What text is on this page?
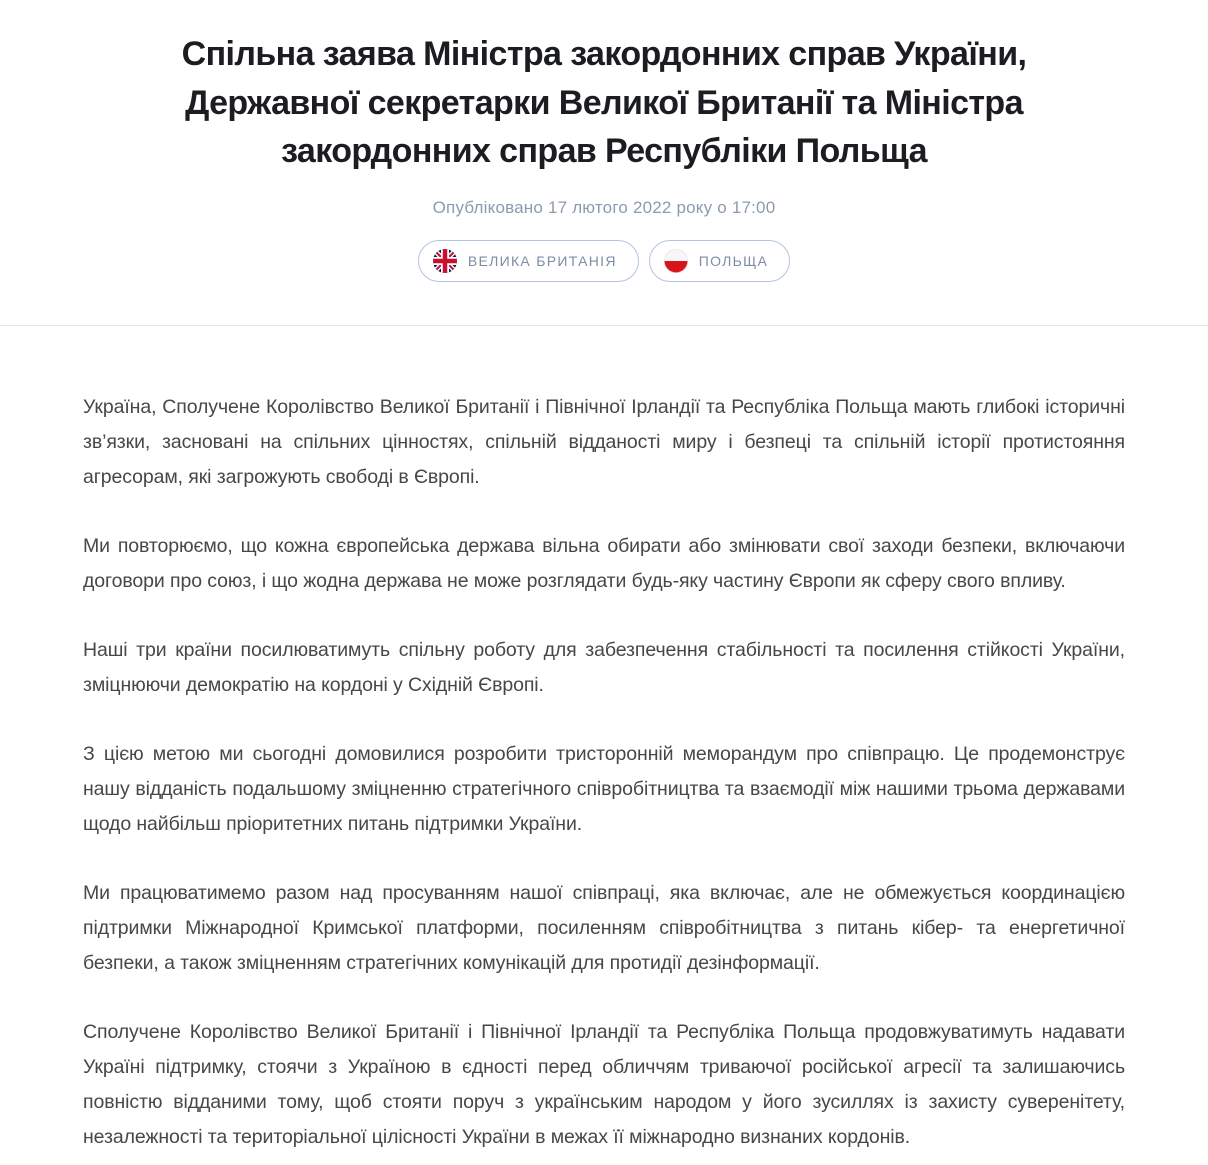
Спільна заява Міністра закордонних справ України, Державної секретарки Великої Британії та Міністра закордонних справ Республіки Польща
Опубліковано 17 лютого 2022 року о 17:00
ВЕЛИКА БРИТАНІЯ	ПОЛЬЩА

Україна, Сполучене Королівство Великої Британії і Північної Ірландії та Республіка Польща мають глибокі історичні зв’язки, засновані на спільних цінностях, спільній відданості миру і безпеці та спільній історії протистояння агресорам, які загрожують свободі в Європі.

Ми повторюємо, що кожна європейська держава вільна обирати або змінювати свої заходи безпеки, включаючи договори про союз, і що жодна держава не може розглядати будь-яку частину Європи як сферу свого впливу.

Наші три країни посилюватимуть спільну роботу для забезпечення стабільності та посилення стійкості України, зміцнюючи демократію на кордоні у Східній Європі.

З цією метою ми сьогодні домовилися розробити тристоронній меморандум про співпрацю. Це продемонструє нашу відданість подальшому зміцненню стратегічного співробітництва та взаємодії між нашими трьома державами щодо найбільш пріоритетних питань підтримки України.

Ми працюватимемо разом над просуванням нашої співпраці, яка включає, але не обмежується координацією підтримки Міжнародної Кримської платформи, посиленням співробітництва з питань кібер- та енергетичної безпеки, а також зміцненням стратегічних комунікацій для протидії дезінформації.

Сполучене Королівство Великої Британії і Північної Ірландії та Республіка Польща продовжуватимуть надавати Україні підтримку, стоячи з Україною в єдності перед обличчям триваючої російської агресії та залишаючись повністю відданими тому, щоб стояти поруч з українським народом у його зусиллях із захисту суверенітету, незалежності та територіальної цілісності України в межах її міжнародно визнаних кордонів.
